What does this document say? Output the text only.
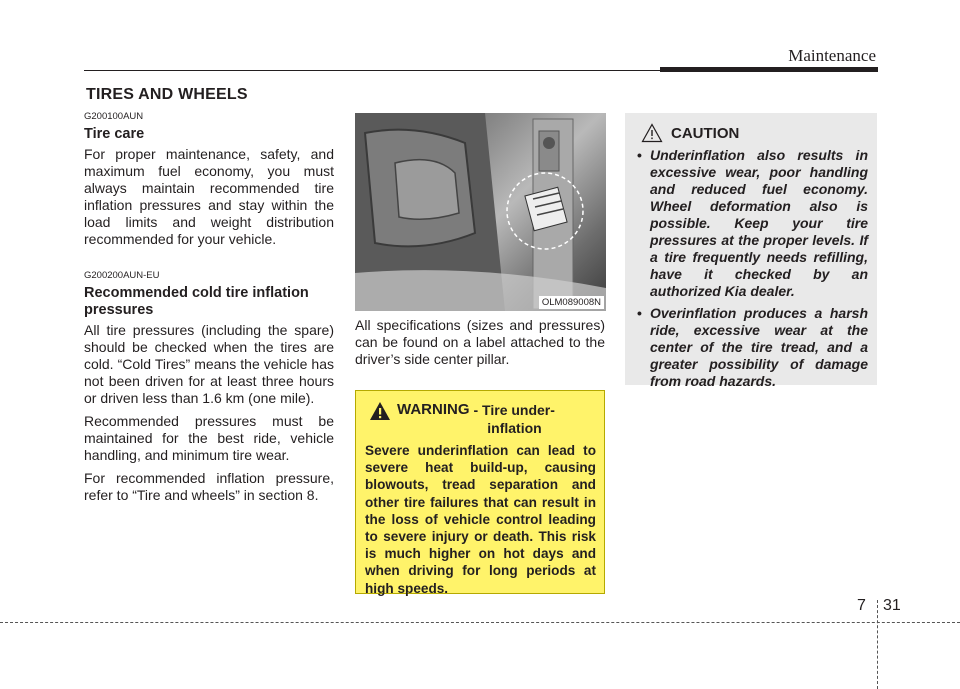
Maintenance
TIRES AND WHEELS

G200100AUN

Tire care

For proper maintenance, safety, and maximum fuel economy, you must always maintain recommended tire inflation pressures and stay within the load limits and weight distribution recommended for your vehicle.

G200200AUN-EU

Recommended cold tire inflation pressures

All tire pressures (including the spare) should be checked when the tires are cold. “Cold Tires” means the vehicle has not been driven for at least three hours or driven less than 1.6 km (one mile).

Recommended pressures must be maintained for the best ride, vehicle handling, and minimum tire wear.

For recommended inflation pressure, refer to “Tire and wheels” in section 8.

OLM089008N

All specifications (sizes and pressures) can be found on a label attached to the driver’s side center pillar.

WARNING - Tire under-
inflation

Severe underinflation can lead to severe heat build-up, causing blowouts, tread separation and other tire failures that can result in the loss of vehicle control leading to severe injury or death. This risk is much higher on hot days and when driving for long periods at high speeds.

CAUTION
• Underinflation also results in excessive wear, poor handling and reduced fuel economy. Wheel deformation also is possible. Keep your tire pressures at the proper levels. If a tire frequently needs refilling, have it checked by an authorized Kia dealer.
• Overinflation produces a harsh ride, excessive wear at the center of the tire tread, and a greater possibility of damage from road hazards.
7 31
